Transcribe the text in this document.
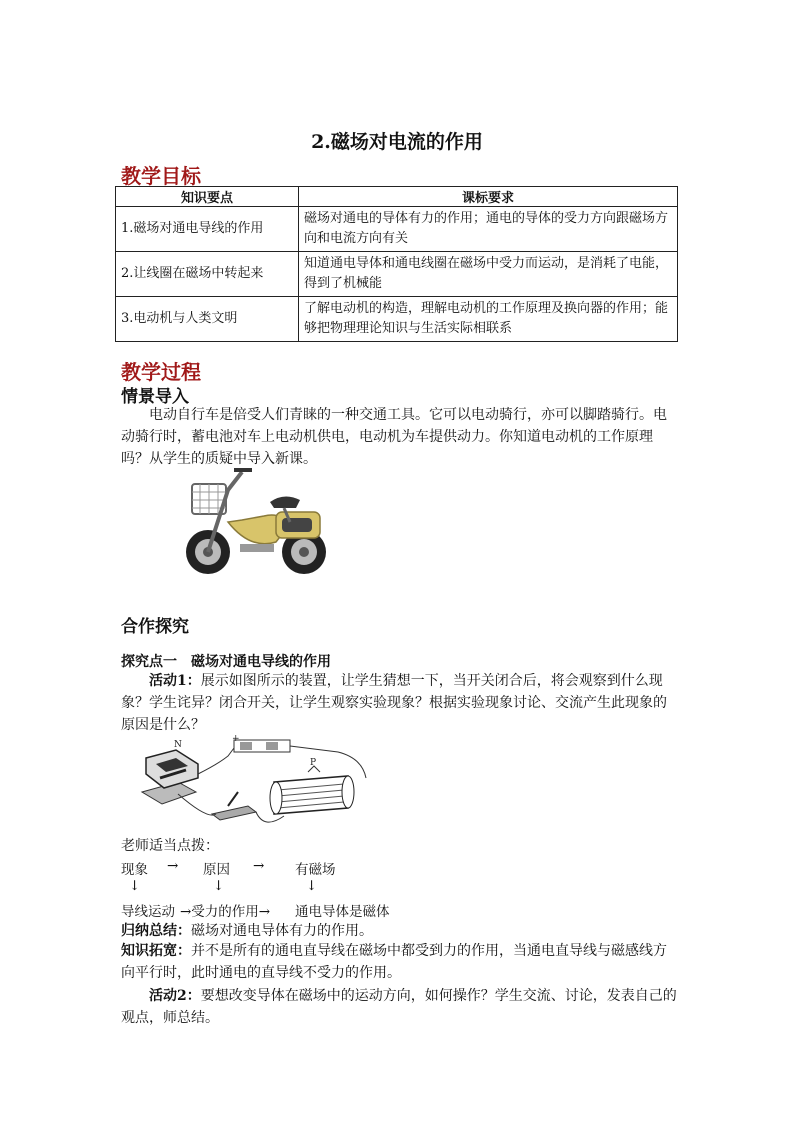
2.磁场对电流的作用
教学目标
知识要点	课标要求
1.磁场对通电导线的作用	磁场对通电的导体有力的作用；通电的导体的受力方向跟磁场方向和电流方向有关
2.让线圈在磁场中转起来	知道通电导体和通电线圈在磁场中受力而运动，是消耗了电能，得到了机械能
3.电动机与人类文明	了解电动机的构造，理解电动机的工作原理及换向器的作用；能够把物理理论知识与生活实际相联系
教学过程
情景导入
电动自行车是倍受人们青睐的一种交通工具。它可以电动骑行，亦可以脚踏骑行。电动骑行时，蓄电池对车上电动机供电，电动机为车提供动力。你知道电动机的工作原理吗？从学生的质疑中导入新课。
合作探究
探究点一　磁场对通电导线的作用
活动1：展示如图所示的装置，让学生猜想一下，当开关闭合后，将会观察到什么现象？学生诧异？闭合开关，让学生观察实验现象？根据实验现象讨论、交流产生此现象的原因是什么？
N
+
P
老师适当点拨：
现象 → 原因 → 有磁场
↓	↓	↓
导线运动 →受力的作用→ 通电导体是磁体
归纳总结：磁场对通电导体有力的作用。
知识拓宽：并不是所有的通电直导线在磁场中都受到力的作用，当通电直导线与磁感线方向平行时，此时通电的直导线不受力的作用。
活动2：要想改变导体在磁场中的运动方向，如何操作？学生交流、讨论，发表自己的观点，师总结。
